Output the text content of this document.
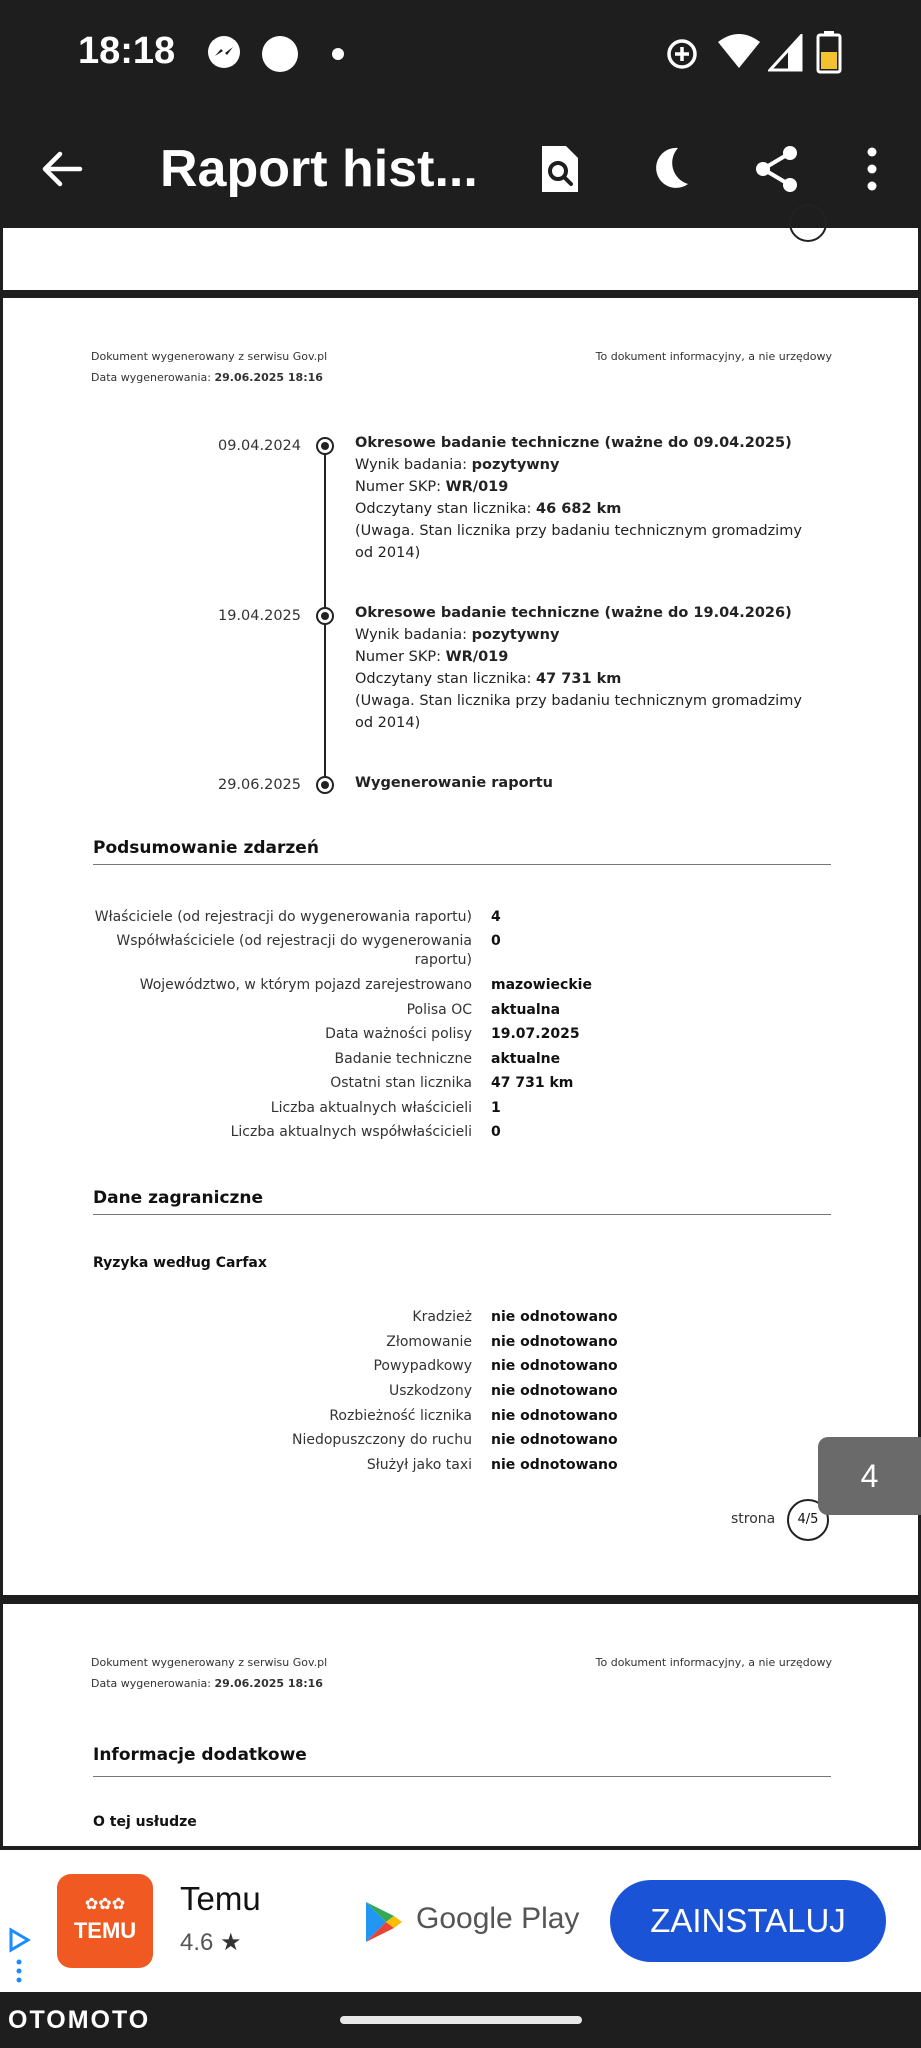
18:18
Raport hist...
Dokument wygenerowany z serwisu Gov.pl
Data wygenerowania: 29.06.2025 18:16
To dokument informacyjny, a nie urzędowy
09.04.2024	Okresowe badanie techniczne (ważne do 09.04.2025)
Wynik badania: pozytywny
Numer SKP: WR/019
Odczytany stan licznika: 46 682 km
(Uwaga. Stan licznika przy badaniu technicznym gromadzimy od 2014)
19.04.2025	Okresowe badanie techniczne (ważne do 19.04.2026)
Wynik badania: pozytywny
Numer SKP: WR/019
Odczytany stan licznika: 47 731 km
(Uwaga. Stan licznika przy badaniu technicznym gromadzimy od 2014)
29.06.2025	Wygenerowanie raportu
Podsumowanie zdarzeń
Właściciele (od rejestracji do wygenerowania raportu) 4
Współwłaściciele (od rejestracji do wygenerowania raportu)
0
Województwo, w którym pojazd zarejestrowano mazowieckie
Polisa OC aktualna
Data ważności polisy 19.07.2025
Badanie techniczne aktualne
Ostatni stan licznika 47 731 km
Liczba aktualnych właścicieli 1
Liczba aktualnych współwłaścicieli 0
Dane zagraniczne
Ryzyka według Carfax
Kradzież nie odnotowano
Złomowanie nie odnotowano
Powypadkowy nie odnotowano
Uszkodzony nie odnotowano
Rozbieżność licznika nie odnotowano
Niedopuszczony do ruchu nie odnotowano
Służył jako taxi nie odnotowano
strona	4/5
4
Dokument wygenerowany z serwisu Gov.pl
Data wygenerowania: 29.06.2025 18:16
To dokument informacyjny, a nie urzędowy
Informacje dodatkowe
O tej usłudze
✿✿✿
TEMU
Temu
4.6 ★
Google Play	ZAINSTALUJ
OTOMOTO
